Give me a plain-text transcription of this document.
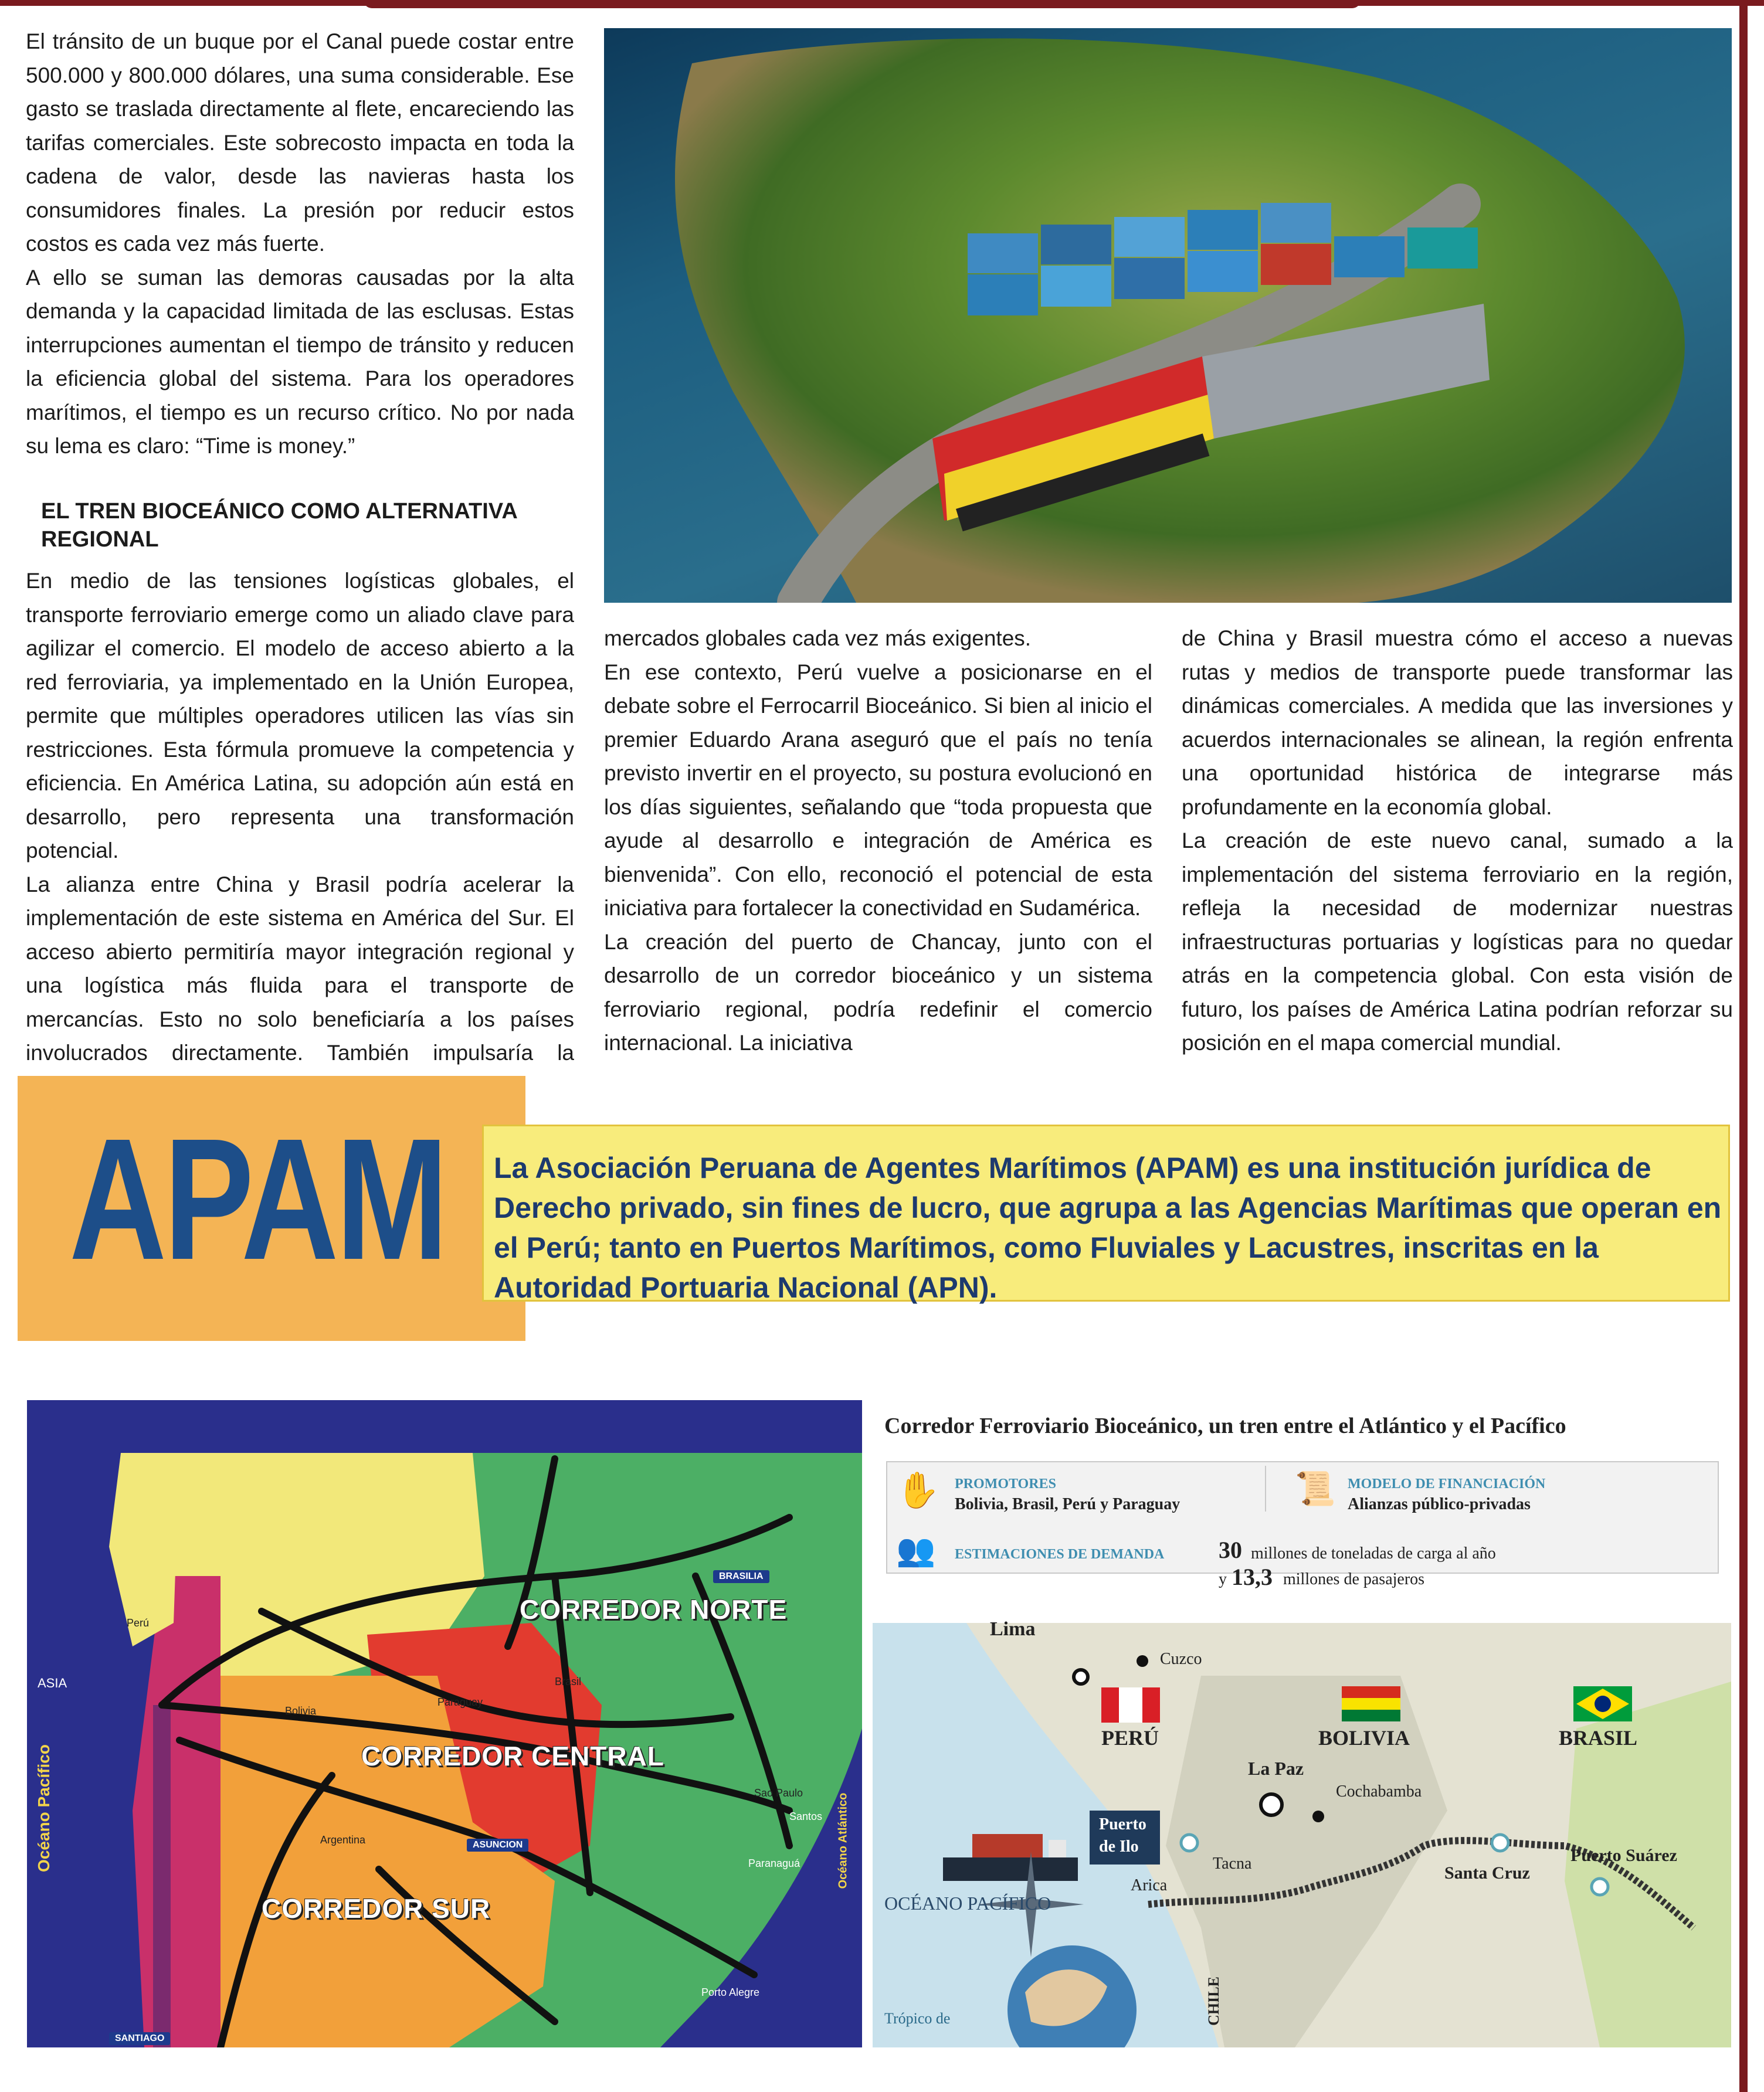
El tránsito de un buque por el Canal puede costar entre 500.000 y 800.000 dólares, una suma considerable. Ese gasto se traslada directamente al flete, encareciendo las tarifas comerciales. Este sobrecosto impacta en toda la cadena de valor, desde las navieras hasta los consumidores finales. La presión por reducir estos costos es cada vez más fuerte.

A ello se suman las demoras causadas por la alta demanda y la capacidad limitada de las esclusas. Estas interrupciones aumentan el tiempo de tránsito y reducen la eficiencia global del sistema. Para los operadores marítimos, el tiempo es un recurso crítico. No por nada su lema es claro: “Time is money.”

EL TREN BIOCEÁNICO COMO ALTERNATIVA REGIONAL

En medio de las tensiones logísticas globales, el transporte ferroviario emerge como un aliado clave para agilizar el comercio. El modelo de acceso abierto a la red ferroviaria, ya implementado en la Unión Europea, permite que múltiples operadores utilicen las vías sin restricciones. Esta fórmula promueve la competencia y eficiencia. En América Latina, su adopción aún está en desarrollo, pero representa una transformación potencial.

La alianza entre China y Brasil podría acelerar la implementación de este sistema en América del Sur. El acceso abierto permitiría mayor integración regional y una logística más fluida para el transporte de mercancías. Esto no solo beneficiaría a los países involucrados directamente. También impulsaría la

mercados globales cada vez más exigentes.

En ese contexto, Perú vuelve a posicionarse en el debate sobre el Ferrocarril Bioceánico. Si bien al inicio el premier Eduardo Arana aseguró que el país no tenía previsto invertir en el proyecto, su postura evolucionó en los días siguientes, señalando que “toda propuesta que ayude al desarrollo e integración de América es bienvenida”. Con ello, reconoció el potencial de esta iniciativa para fortalecer la conectividad en Sudamérica.

La creación del puerto de Chancay, junto con el desarrollo de un corredor bioceánico y un sistema ferroviario regional, podría redefinir el comercio internacional. La iniciativa

de China y Brasil muestra cómo el acceso a nuevas rutas y medios de transporte puede transformar las dinámicas comerciales. A medida que las inversiones y acuerdos internacionales se alinean, la región enfrenta una oportunidad histórica de integrarse más profundamente en la economía global.

La creación de este nuevo canal, sumado a la implementación del sistema ferroviario en la región, refleja la necesidad de modernizar nuestras infraestructuras portuarias y logísticas para no quedar atrás en la competencia global. Con esta visión de futuro, los países de América Latina podrían reforzar su posición en el mapa comercial mundial.

APAM La Asociación Peruana de Agentes Marítimos (APAM) es una institución jurídica de Derecho privado, sin fines de lucro, que agrupa a las Agencias Marítimas que operan en el Perú; tanto en Puertos Marítimos, como Fluviales y Lacustres, inscritas en la Autoridad Portuaria Nacional (APN).
CORREDOR NORTE
CORREDOR CENTRAL
CORREDOR SUR
Perú
Bolivia
Paraguay
Brasil
Argentina
BRASILIA
ASUNCION
SANTIAGO
Santos
Paranaguá
Porto Alegre
Sao Paulo
Océano Pacífico	Océano Atlántico
ASIA
Corredor Ferroviario Bioceánico, un tren entre el Atlántico y el Pacífico
✋ PROMOTORES
Bolivia, Brasil, Perú y Paraguay	📜 MODELO DE FINANCIACIÓN
Alianzas público-privadas
👥 ESTIMACIONES DE DEMANDA 30 millones de toneladas de carga al año
y 13,3 millones de pasajeros
Lima
Cuzco
PERÚ	BOLIVIA	BRASIL
La Paz
Cochabamba
Puerto
de Ilo
Tacna
Arica
Santa Cruz
Puerto Suárez
OCÉANO PACÍFICO
CHILE
Trópico de
